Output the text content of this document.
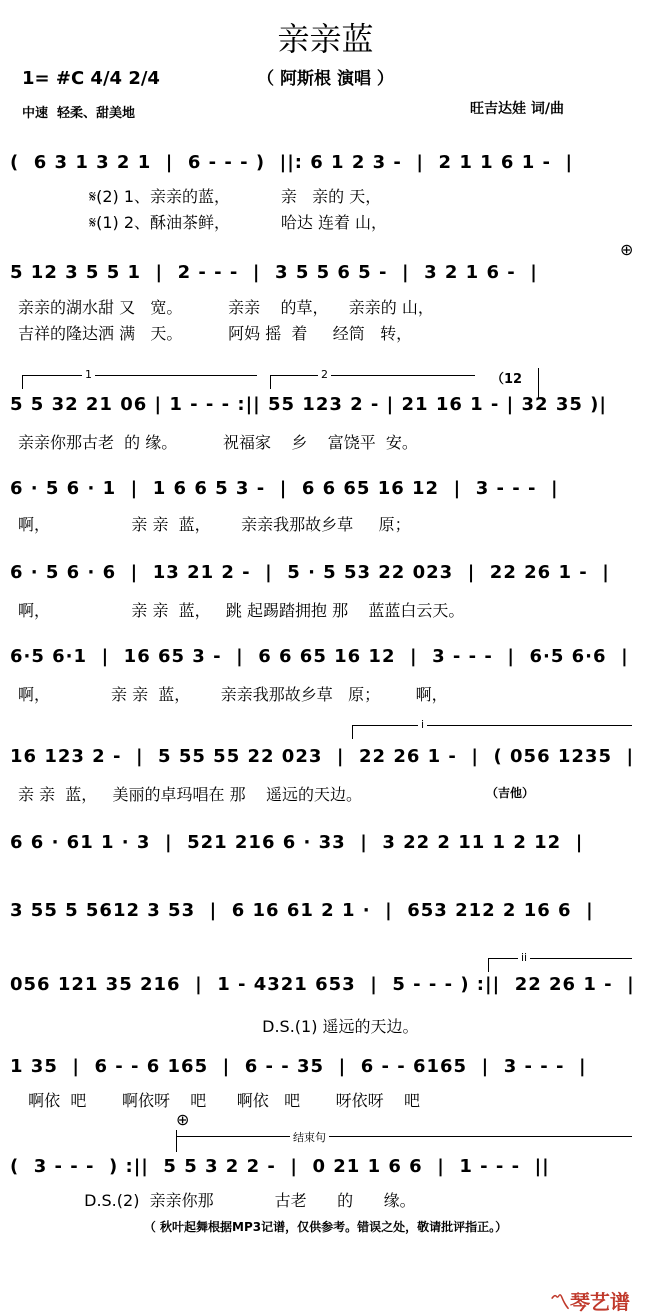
亲亲蓝
（ 阿斯根 演唱 ）
1= #C 4/4 2/4
中速  轻柔、甜美地	旺吉达娃 词/曲
1	2	（12
i
ii
结束句
⊕
⊕
(  6 3 1 3 2 1  |  6 - - - )  ||: 6 1 2 3 -  |  2 1 1 6 1 -  |
𝄋(2) 1、亲亲的蓝，          亲   亲的 天，
𝄋(1) 2、酥油茶鲜，          哈达 连着 山，
5 12 3 5 5 1  |  2 - - -  |  3 5 5 6 5 -  |  3 2 1 6 -  |
亲亲的湖水甜 又   宽。         亲亲    的草，    亲亲的 山，
吉祥的隆达洒 满   天。         阿妈 摇  着     经筒   转，
5 5 32 21 06 | 1 - - - :|| 55 123 2 - | 21 16 1 - | 32 35 )|
亲亲你那古老  的 缘。         祝福家    乡    富饶平  安。
6 · 5 6 · 1  |  1 6 6 5 3 -  |  6 6 65 16 12  |  3 - - -  |
啊，                亲 亲  蓝，      亲亲我那故乡草     原；
6 · 5 6 · 6  |  13 21 2 -  |  5 · 5 53 22 023  |  22 26 1 -  |
啊，                亲 亲  蓝，   跳 起踢踏拥抱 那    蓝蓝白云天。
6·5 6·1  |  16 65 3 -  |  6 6 65 16 12  |  3 - - -  |  6·5 6·6  |
啊，            亲 亲  蓝，      亲亲我那故乡草   原；       啊，
16 123 2 -  |  5 55 55 22 023  |  22 26 1 -  |  ( 056 1235  |
亲 亲  蓝，   美丽的卓玛唱在 那    遥远的天边。	（吉他）
6 6 · 61 1 · 3  |  521 216 6 · 33  |  3 22 2 11 1 2 12  |
3 55 5 5612 3 53  |  6 16 61 2 1 ·  |  653 212 2 16 6  |
056 121 35 216  |  1 - 4321 653  |  5 - - - ) :||  22 26 1 -  |
D.S.(1) 遥远的天边。
1 35  |  6 - - 6 165  |  6 - - 35  |  6 - - 6165  |  3 - - -  |
啊依  吧       啊依呀    吧      啊依   吧       呀依呀    吧
(  3 - - -  ) :||  5 5 3 2 2 -  |  0 21 1 6 6  |  1 - - -  ||
D.S.(2)  亲亲你那            古老      的      缘。
（ 秋叶起舞根据MP3记谱，仅供参考。错误之处，敬请批评指正。）

〽琴艺谱
